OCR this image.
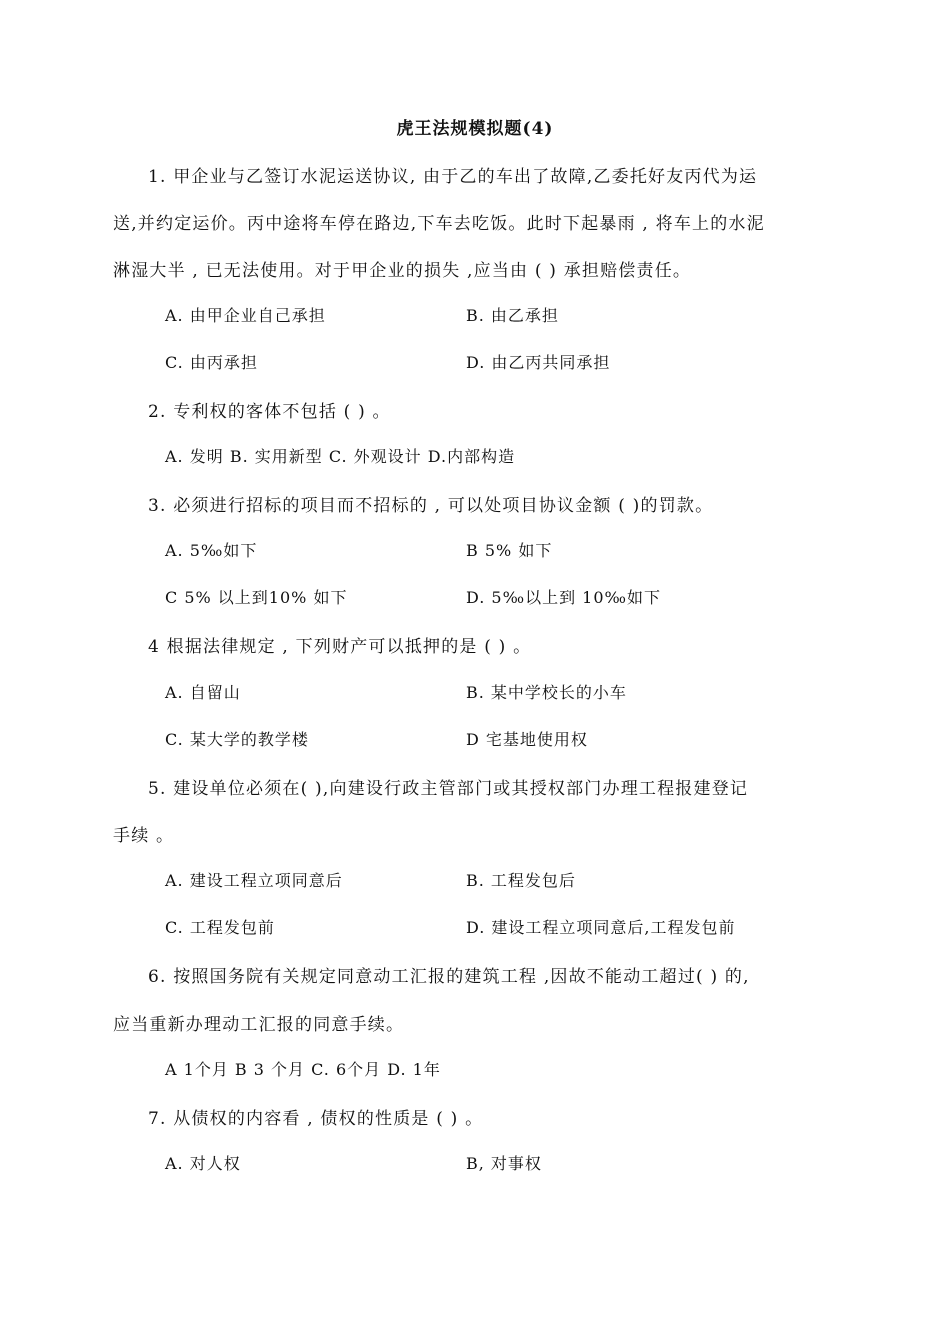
虎王法规模拟题(4)
1. 甲企业与乙签订水泥运送协议, 由于乙的车出了故障,乙委托好友丙代为运
送,并约定运价。丙中途将车停在路边,下车去吃饭。此时下起暴雨 , 将车上的水泥
淋湿大半 , 已无法使用。对于甲企业的损失 ,应当由 ( ) 承担赔偿责任。
A. 由甲企业自己承担	B. 由乙承担
C. 由丙承担	D. 由乙丙共同承担
2. 专利权的客体不包括 ( ) 。
A. 发明 B. 实用新型 C. 外观设计 D.内部构造
3. 必须进行招标的项目而不招标的 , 可以处项目协议金额 ( )的罚款。
A. 5‰如下	B 5% 如下
C 5% 以上到10% 如下	D. 5‰以上到 10‰如下
4 根据法律规定 , 下列财产可以抵押的是 ( ) 。
A. 自留山	B. 某中学校长的小车
C. 某大学的教学楼	D 宅基地使用权
5. 建设单位必须在( ),向建设行政主管部门或其授权部门办理工程报建登记
手续 。
A. 建设工程立项同意后	B. 工程发包后
C. 工程发包前	D. 建设工程立项同意后,工程发包前
6. 按照国务院有关规定同意动工汇报的建筑工程 ,因故不能动工超过( ) 的,
应当重新办理动工汇报的同意手续。
A 1个月 B 3 个月 C. 6个月 D. 1年
7. 从债权的内容看 , 债权的性质是 ( ) 。
A. 对人权	B, 对事权
